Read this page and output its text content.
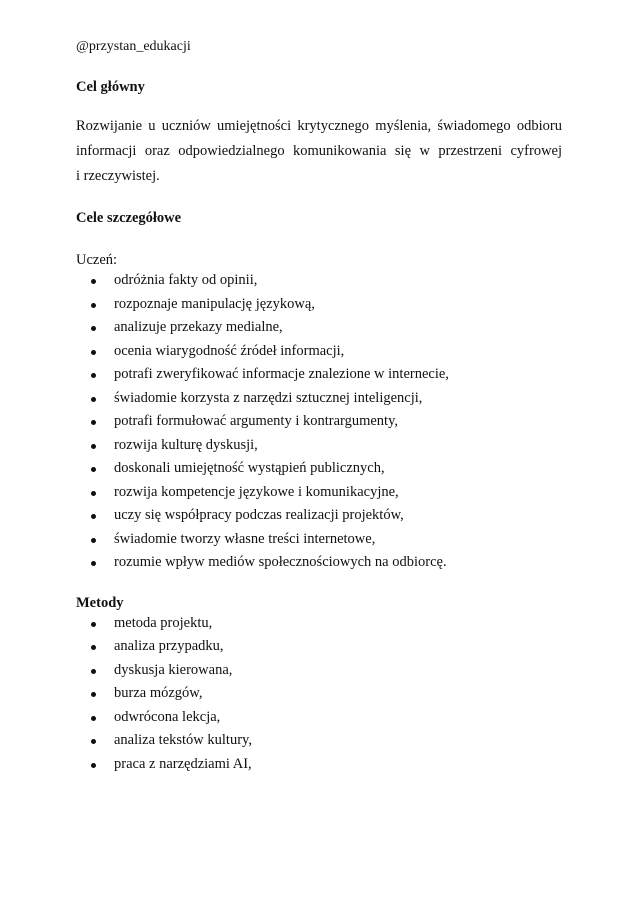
@przystan_edukacji

Cel główny

Rozwijanie u uczniów umiejętności krytycznego myślenia, świadomego odbioru
informacji oraz odpowiedzialnego komunikowania się w przestrzeni cyfrowej
i rzeczywistej.

Cele szczegółowe

Uczeń:

odróżnia fakty od opinii,
rozpoznaje manipulację językową,
analizuje przekazy medialne,
ocenia wiarygodność źródeł informacji,
potrafi zweryfikować informacje znalezione w internecie,
świadomie korzysta z narzędzi sztucznej inteligencji,
potrafi formułować argumenty i kontrargumenty,
rozwija kulturę dyskusji,
doskonali umiejętność wystąpień publicznych,
rozwija kompetencje językowe i komunikacyjne,
uczy się współpracy podczas realizacji projektów,
świadomie tworzy własne treści internetowe,
rozumie wpływ mediów społecznościowych na odbiorcę.
Metody
metoda projektu,
analiza przypadku,
dyskusja kierowana,
burza mózgów,
odwrócona lekcja,
analiza tekstów kultury,
praca z narzędziami AI,
